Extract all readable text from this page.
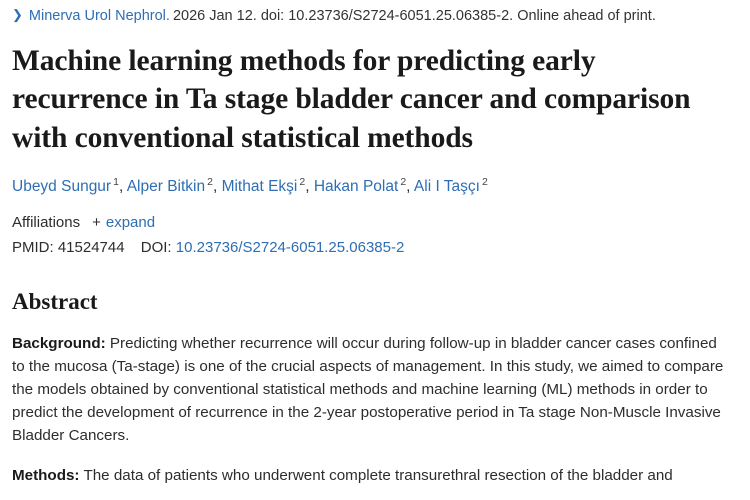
❯ Minerva Urol Nephrol. 2026 Jan 12. doi: 10.23736/S2724-6051.25.06385-2. Online ahead of print.
Machine learning methods for predicting early recurrence in Ta stage bladder cancer and comparison with conventional statistical methods
Ubeyd Sungur $^1$, Alper Bitkin $^2$, Mithat Ekşi $^2$, Hakan Polat $^2$, Ali I Taşçı $^2$
Affiliations + expand
PMID: 41524744 DOI: 10.23736/S2724-6051.25.06385-2
Abstract

Background: Predicting whether recurrence will occur during follow-up in bladder cancer cases confined to the mucosa (Ta-stage) is one of the crucial aspects of management. In this study, we aimed to compare the models obtained by conventional statistical methods and machine learning (ML) methods in order to predict the development of recurrence in the 2-year postoperative period in Ta stage Non-Muscle Invasive Bladder Cancers.

Methods: The data of patients who underwent complete transurethral resection of the bladder and
